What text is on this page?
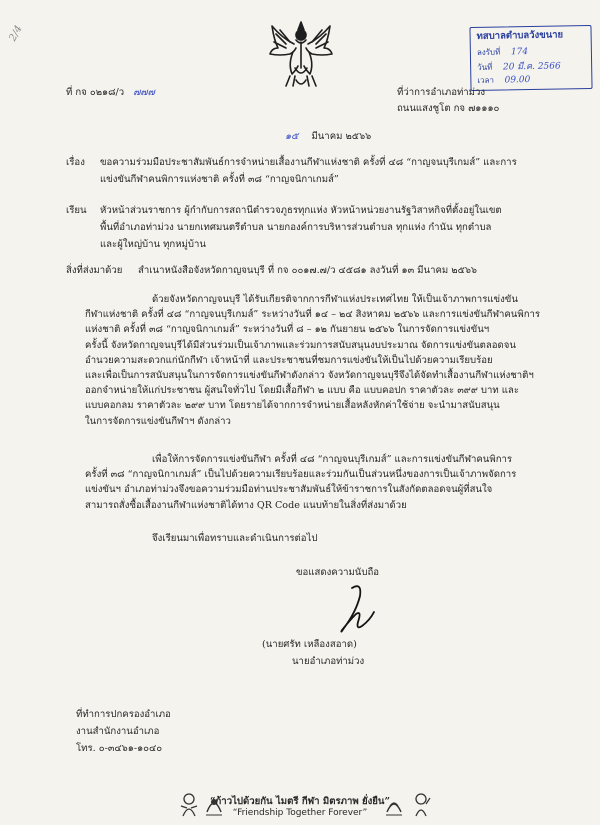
2/4	ทสบาลตำบลวังขนาย
ลงรับที่ 174
วันที่ 20 มี.ค. 2566
เวลา 09.00
ที่ กจ ๐๒๑๘/ว ๗๗๗	ที่ว่าการอำเภอท่าม่วง
ถนนแสงชูโต กจ ๗๑๑๑๐
๑๕ มีนาคม ๒๕๖๖
เรื่อง ขอความร่วมมือประชาสัมพันธ์การจำหน่ายเสื้องานกีฬาแห่งชาติ ครั้งที่ ๔๘ “กาญจนบุรีเกมส์” และการ
แข่งขันกีฬาคนพิการแห่งชาติ ครั้งที่ ๓๘ “กาญจนิกาเกมส์”
เรียน หัวหน้าส่วนราชการ ผู้กำกับการสถานีตำรวจภูธรทุกแห่ง หัวหน้าหน่วยงานรัฐวิสาหกิจที่ตั้งอยู่ในเขต
พื้นที่อำเภอท่าม่วง นายกเทศมนตรีตำบล นายกองค์การบริหารส่วนตำบล ทุกแห่ง กำนัน ทุกตำบล
และผู้ใหญ่บ้าน ทุกหมู่บ้าน
สิ่งที่ส่งมาด้วย สำเนาหนังสือจังหวัดกาญจนบุรี ที่ กจ ๐๐๑๗.๗/ว ๔๕๘๑ ลงวันที่ ๑๓ มีนาคม ๒๕๖๖
ด้วยจังหวัดกาญจนบุรี ได้รับเกียรติจากการกีฬาแห่งประเทศไทย ให้เป็นเจ้าภาพการแข่งขัน
กีฬาแห่งชาติ ครั้งที่ ๔๘ “กาญจนบุรีเกมส์” ระหว่างวันที่ ๑๔ – ๒๔ สิงหาคม ๒๕๖๖ และการแข่งขันกีฬาคนพิการ
แห่งชาติ ครั้งที่ ๓๘ “กาญจนิกาเกมส์” ระหว่างวันที่ ๘ – ๑๒ กันยายน ๒๕๖๖ ในการจัดการแข่งขันฯ
ครั้งนี้ จังหวัดกาญจนบุรีได้มีส่วนร่วมเป็นเจ้าภาพและร่วมการสนับสนุนงบประมาณ จัดการแข่งขันตลอดจน
อำนวยความสะดวกแก่นักกีฬา เจ้าหน้าที่ และประชาชนที่ชมการแข่งขันให้เป็นไปด้วยความเรียบร้อย
และเพื่อเป็นการสนับสนุนในการจัดการแข่งขันกีฬาดังกล่าว จังหวัดกาญจนบุรีจึงได้จัดทำเสื้องานกีฬาแห่งชาติฯ
ออกจำหน่ายให้แก่ประชาชน ผู้สนใจทั่วไป โดยมีเสื้อกีฬา ๒ แบบ คือ แบบคอปก ราคาตัวละ ๓๙๙ บาท และ
แบบคอกลม ราคาตัวละ ๒๙๙ บาท โดยรายได้จากการจำหน่ายเสื้อหลังหักค่าใช้จ่าย จะนำมาสนับสนุน
ในการจัดการแข่งขันกีฬาฯ ดังกล่าว
เพื่อให้การจัดการแข่งขันกีฬา ครั้งที่ ๔๘ “กาญจนบุรีเกมส์” และการแข่งขันกีฬาคนพิการ
ครั้งที่ ๓๘ “กาญจนิกาเกมส์” เป็นไปด้วยความเรียบร้อยและร่วมกันเป็นส่วนหนึ่งของการเป็นเจ้าภาพจัดการ
แข่งขันฯ อำเภอท่าม่วงจึงขอความร่วมมือท่านประชาสัมพันธ์ให้ข้าราชการในสังกัดตลอดจนผู้ที่สนใจ
สามารถสั่งซื้อเสื้องานกีฬาแห่งชาติได้ทาง QR Code แนบท้ายในสิ่งที่ส่งมาด้วย
จึงเรียนมาเพื่อทราบและดำเนินการต่อไป
ขอแสดงความนับถือ
(นายศรัท เหลืองสอาด)
นายอำเภอท่าม่วง
ที่ทำการปกครองอำเภอ
งานสำนักงานอำเภอ
โทร. ๐-๓๔๖๑-๑๐๔๐
“ก้าวไปด้วยกัน ไมตรี กีฬา มิตรภาพ ยั่งยืน”
“Friendship Together Forever”
